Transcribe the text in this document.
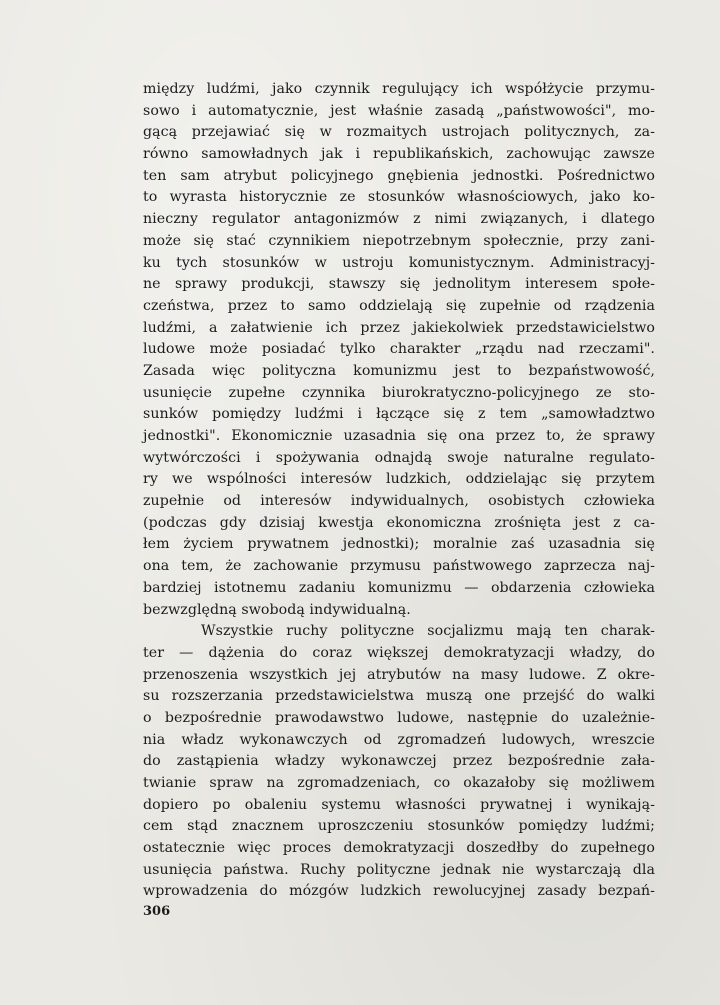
między ludźmi, jako czynnik regulujący ich współżycie przymu-
sowo i automatycznie, jest właśnie zasadą „państwowości", mo-
gącą przejawiać się w rozmaitych ustrojach politycznych, za-
równo samowładnych jak i republikańskich, zachowując zawsze
ten sam atrybut policyjnego gnębienia jednostki. Pośrednictwo
to wyrasta historycznie ze stosunków własnościowych, jako ko-
nieczny regulator antagonizmów z nimi związanych, i dlatego
może się stać czynnikiem niepotrzebnym społecznie, przy zani-
ku tych stosunków w ustroju komunistycznym. Administracyj-
ne sprawy produkcji, stawszy się jednolitym interesem społe-
czeństwa, przez to samo oddzielają się zupełnie od rządzenia
ludźmi, a załatwienie ich przez jakiekolwiek przedstawicielstwo
ludowe może posiadać tylko charakter „rządu nad rzeczami".
Zasada więc polityczna komunizmu jest to bezpaństwowość,
usunięcie zupełne czynnika biurokratyczno-policyjnego ze sto-
sunków pomiędzy ludźmi i łączące się z tem „samowładztwo
jednostki". Ekonomicznie uzasadnia się ona przez to, że sprawy
wytwórczości i spożywania odnajdą swoje naturalne regulato-
ry we wspólności interesów ludzkich, oddzielając się przytem
zupełnie od interesów indywidualnych, osobistych człowieka
(podczas gdy dzisiaj kwestja ekonomiczna zrośnięta jest z ca-
łem życiem prywatnem jednostki); moralnie zaś uzasadnia się
ona tem, że zachowanie przymusu państwowego zaprzecza naj-
bardziej istotnemu zadaniu komunizmu — obdarzenia człowieka
bezwzględną swobodą indywidualną.
Wszystkie ruchy polityczne socjalizmu mają ten charak-
ter — dążenia do coraz większej demokratyzacji władzy, do
przenoszenia wszystkich jej atrybutów na masy ludowe. Z okre-
su rozszerzania przedstawicielstwa muszą one przejść do walki
o bezpośrednie prawodawstwo ludowe, następnie do uzależnie-
nia władz wykonawczych od zgromadzeń ludowych, wreszcie
do zastąpienia władzy wykonawczej przez bezpośrednie zała-
twianie spraw na zgromadzeniach, co okazałoby się możliwem
dopiero po obaleniu systemu własności prywatnej i wynikają-
cem stąd znacznem uproszczeniu stosunków pomiędzy ludźmi;
ostatecznie więc proces demokratyzacji doszedłby do zupełnego
usunięcia państwa. Ruchy polityczne jednak nie wystarczają dla
wprowadzenia do mózgów ludzkich rewolucyjnej zasady bezpań-
306
